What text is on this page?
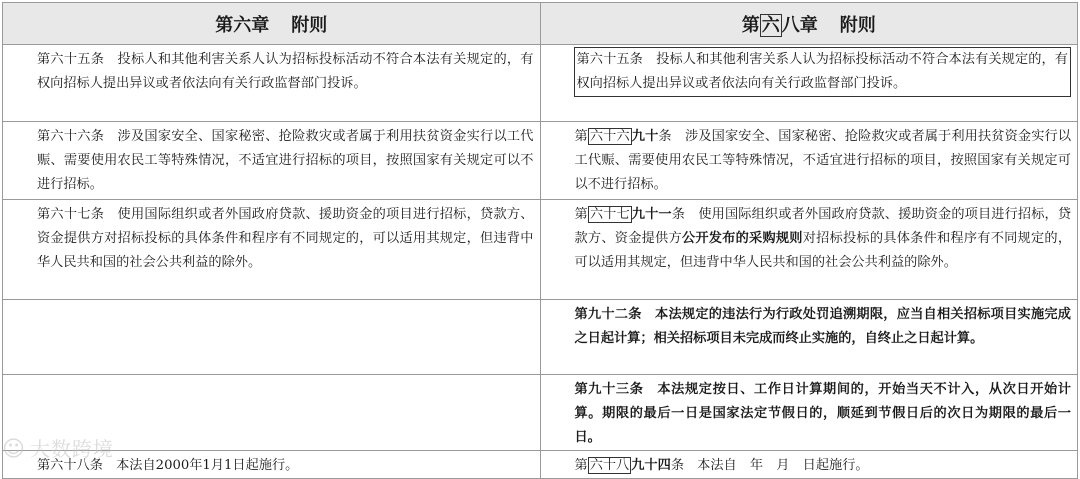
第六章 附则	第 六 八章 附则

第六十五条　投标人和其他利害关系人认为招标投标活动不符合本法有关规定的，有权向招标人提出异议或者依法向有关行政监督部门投诉。	第六十五条　投标人和其他利害关系人认为招标投标活动不符合本法有关规定的，有权向招标人提出异议或者依法向有关行政监督部门投诉。

第六十六条　涉及国家安全、国家秘密、抢险救灾或者属于利用扶贫资金实行以工代赈、需要使用农民工等特殊情况，不适宜进行招标的项目，按照国家有关规定可以不进行招标。	第 六十六 九十条　涉及国家安全、国家秘密、抢险救灾或者属于利用扶贫资金实行以工代赈、需要使用农民工等特殊情况，不适宜进行招标的项目，按照国家有关规定可以不进行招标。

第六十七条　使用国际组织或者外国政府贷款、援助资金的项目进行招标，贷款方、资金提供方对招标投标的具体条件和程序有不同规定的，可以适用其规定，但违背中华人民共和国的社会公共利益的除外。	第 六十七 九十一条　使用国际组织或者外国政府贷款、援助资金的项目进行招标，贷款方、资金提供方公开发布的采购规则对招标投标的具体条件和程序有不同规定的，可以适用其规定，但违背中华人民共和国的社会公共利益的除外。

	第九十二条　本法规定的违法行为行政处罚追溯期限，应当自相关招标项目实施完成之日起计算；相关招标项目未完成而终止实施的，自终止之日起计算。

	第九十三条　本法规定按日、工作日计算期间的，开始当天不计入，从次日开始计算。期限的最后一日是国家法定节假日的，顺延到节假日后的次日为期限的最后一日。

第六十八条　本法自2000年1月1日起施行。	第 六十八 九十四条　本法自　年　月　日起施行。
☺ 大数跨境
